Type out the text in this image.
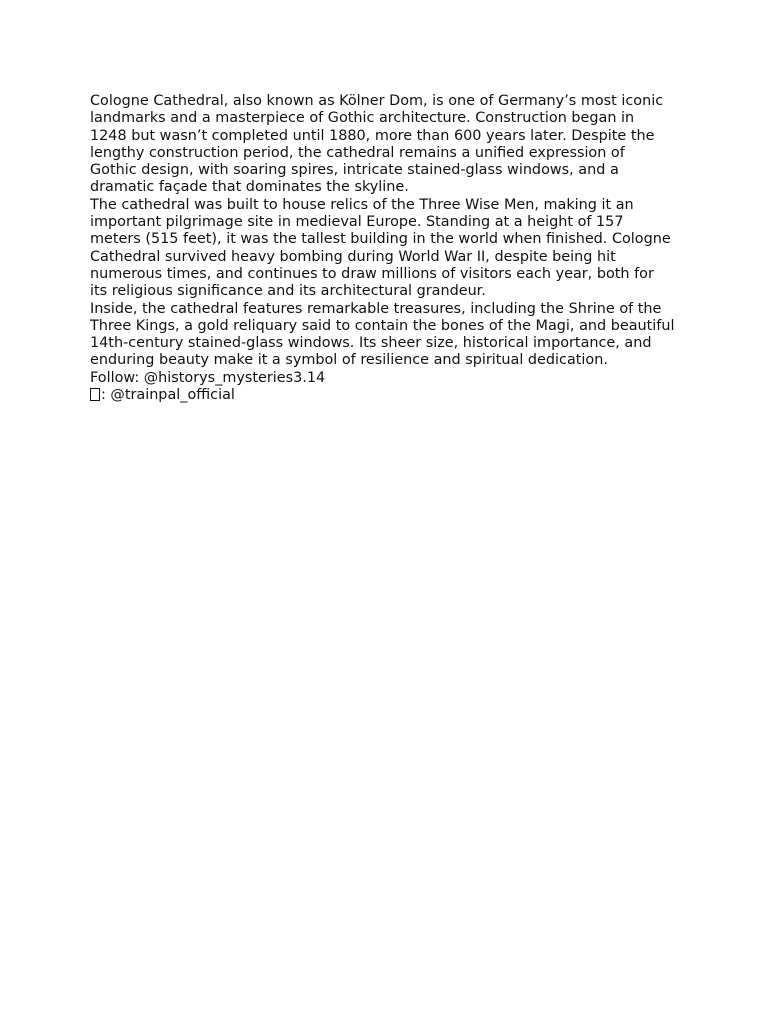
Cologne Cathedral, also known as Kölner Dom, is one of Germany’s most iconic
landmarks and a masterpiece of Gothic architecture. Construction began in
1248 but wasn’t completed until 1880, more than 600 years later. Despite the
lengthy construction period, the cathedral remains a unified expression of
Gothic design, with soaring spires, intricate stained-glass windows, and a
dramatic façade that dominates the skyline.
The cathedral was built to house relics of the Three Wise Men, making it an
important pilgrimage site in medieval Europe. Standing at a height of 157
meters (515 feet), it was the tallest building in the world when finished. Cologne
Cathedral survived heavy bombing during World War II, despite being hit
numerous times, and continues to draw millions of visitors each year, both for
its religious significance and its architectural grandeur.
Inside, the cathedral features remarkable treasures, including the Shrine of the
Three Kings, a gold reliquary said to contain the bones of the Magi, and beautiful
14th-century stained-glass windows. Its sheer size, historical importance, and
enduring beauty make it a symbol of resilience and spiritual dedication.
Follow: @historys_mysteries3.14
: @trainpal_official
